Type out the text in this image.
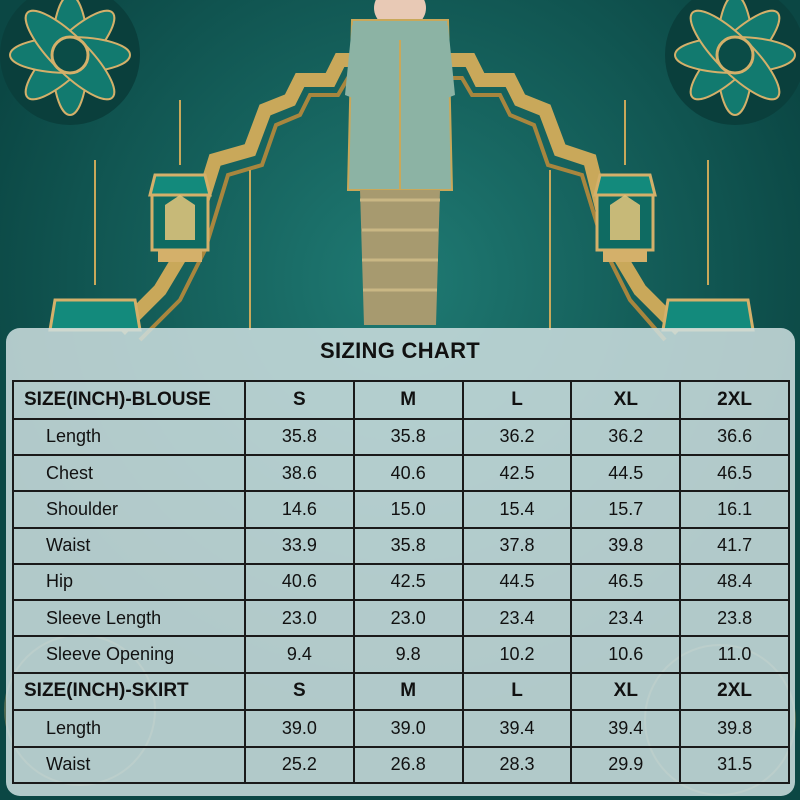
SIZING CHART
SIZE(INCH)-BLOUSE	S	M	L	XL	2XL
Length	35.8	35.8	36.2	36.2	36.6
Chest	38.6	40.6	42.5	44.5	46.5
Shoulder	14.6	15.0	15.4	15.7	16.1
Waist	33.9	35.8	37.8	39.8	41.7
Hip	40.6	42.5	44.5	46.5	48.4
Sleeve Length	23.0	23.0	23.4	23.4	23.8
Sleeve Opening	9.4	9.8	10.2	10.6	11.0
SIZE(INCH)-SKIRT	S	M	L	XL	2XL
Length	39.0	39.0	39.4	39.4	39.8
Waist	25.2	26.8	28.3	29.9	31.5
